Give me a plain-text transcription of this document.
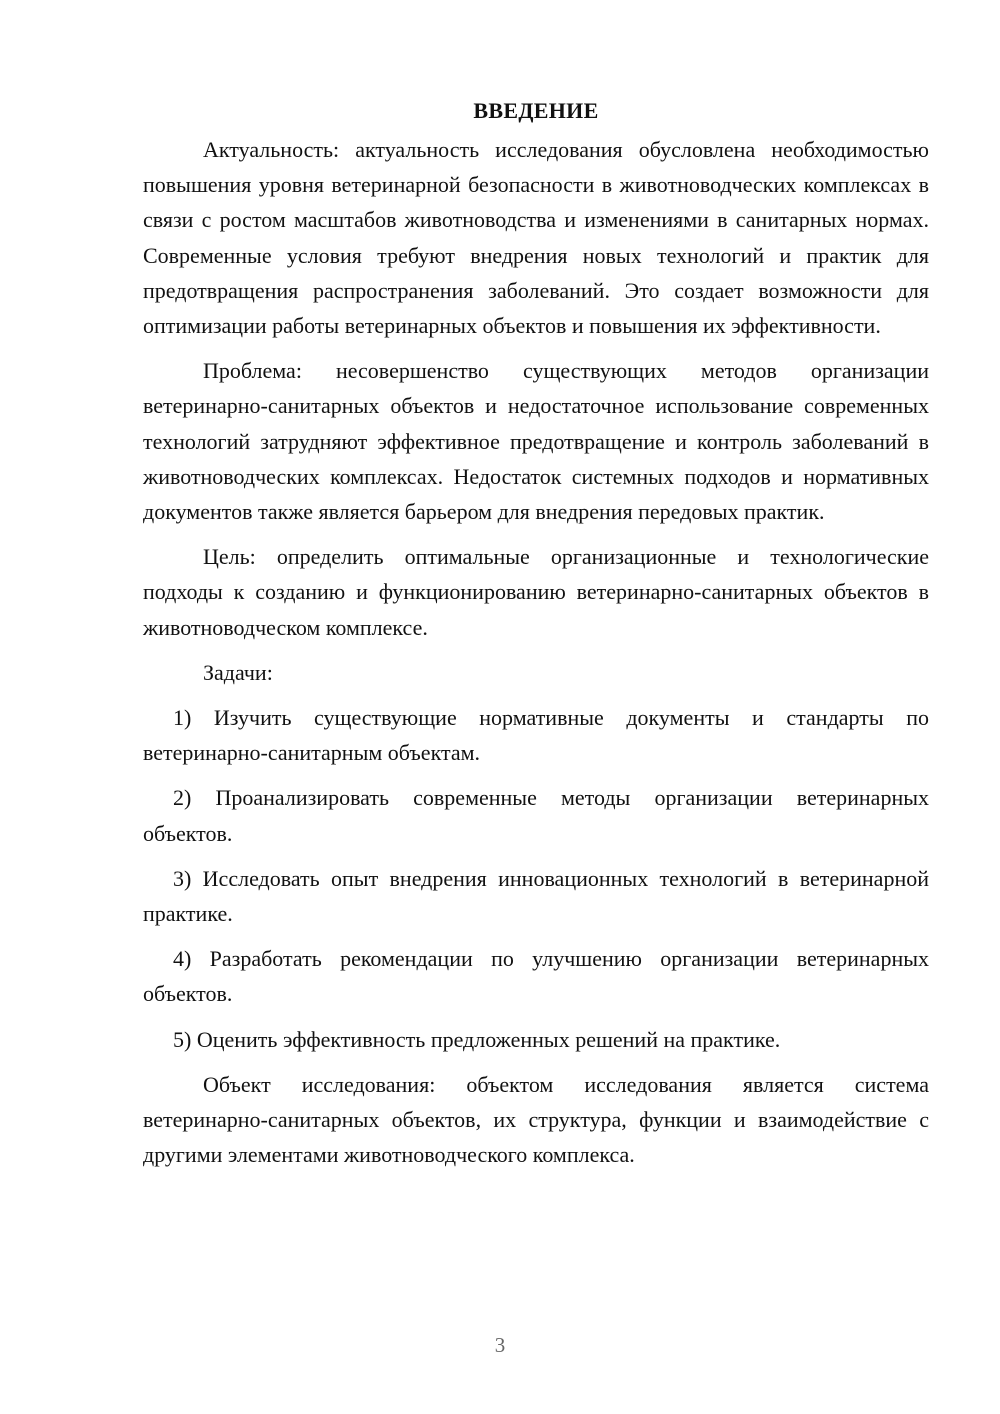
ВВЕДЕНИЕ

Актуальность: актуальность исследования обусловлена необходимостью повышения уровня ветеринарной безопасности в животноводческих комплексах в связи с ростом масштабов животноводства и изменениями в санитарных нормах. Современные условия требуют внедрения новых технологий и практик для предотвращения распространения заболеваний. Это создает возможности для оптимизации работы ветеринарных объектов и повышения их эффективности.

Проблема: несовершенство существующих методов организации ветеринарно-санитарных объектов и недостаточное использование современных технологий затрудняют эффективное предотвращение и контроль заболеваний в животноводческих комплексах. Недостаток системных подходов и нормативных документов также является барьером для внедрения передовых практик.

Цель: определить оптимальные организационные и технологические подходы к созданию и функционированию ветеринарно-санитарных объектов в животноводческом комплексе.

Задачи:

1) Изучить существующие нормативные документы и стандарты по ветеринарно-санитарным объектам.

2) Проанализировать современные методы организации ветеринарных объектов.

3) Исследовать опыт внедрения инновационных технологий в ветеринарной практике.

4) Разработать рекомендации по улучшению организации ветеринарных объектов.

5) Оценить эффективность предложенных решений на практике.

Объект исследования: объектом исследования является система ветеринарно-санитарных объектов, их структура, функции и взаимодействие с другими элементами животноводческого комплекса.

3
